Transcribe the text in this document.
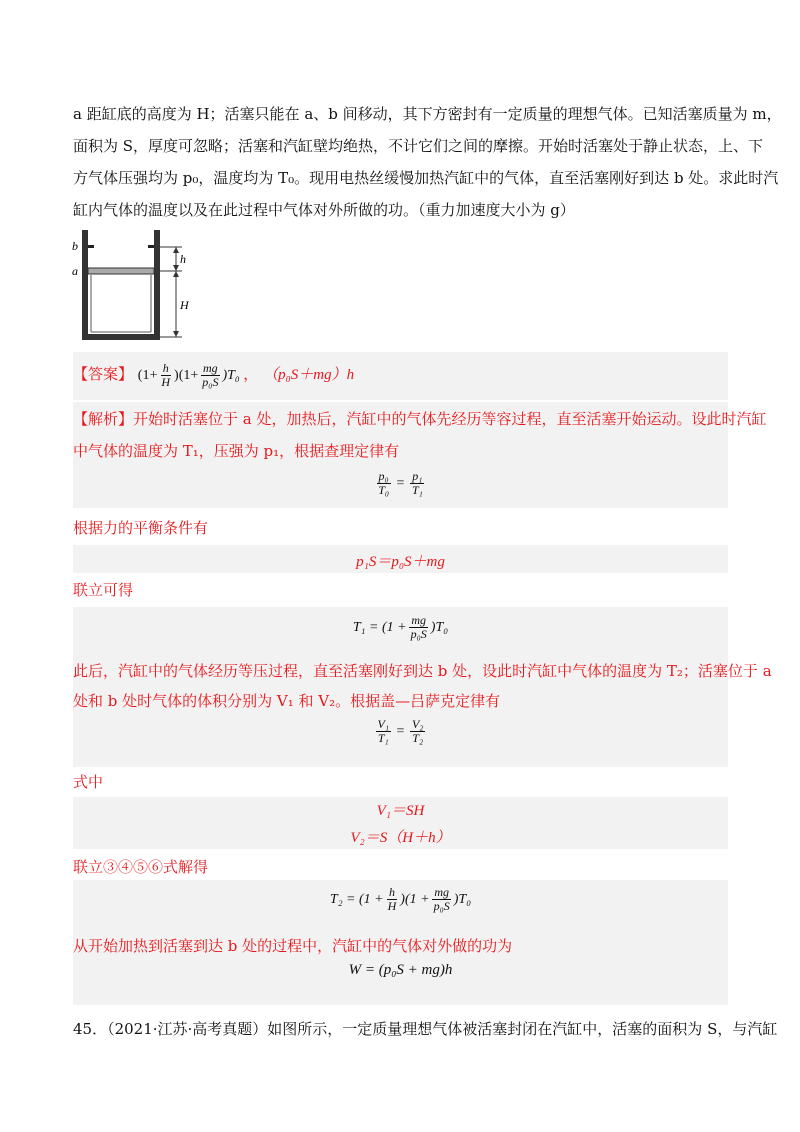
a 距缸底的高度为 H；活塞只能在 a、b 间移动，其下方密封有一定质量的理想气体。已知活塞质量为 m，
面积为 S，厚度可忽略；活塞和汽缸壁均绝热，不计它们之间的摩擦。开始时活塞处于静止状态，上、下
方气体压强均为 p₀，温度均为 T₀。现用电热丝缓慢加热汽缸中的气体，直至活塞刚好到达 b 处。求此时汽
缸内气体的温度以及在此过程中气体对外所做的功。（重力加速度大小为 g）
b
a
h
H
【答案】 $(1+ \frac{h}{H} )(1+ \frac{mg}{\text{p₀S}} )T_0$ ， （p₀S＋mg）h
【解析】开始时活塞位于 a 处，加热后，汽缸中的气体先经历等容过程，直至活塞开始运动。设此时汽缸
中气体的温度为 T₁，压强为 p₁，根据查理定律有
$\frac{\text{p₀}}{\text{T₀}} = \frac{\text{p₁}}{\text{T₁}}$
根据力的平衡条件有
p₁S＝p₀S＋mg
联立可得
$T_1 = (1 + \frac{mg}{\text{p₀S}} )T_0$
此后，汽缸中的气体经历等压过程，直至活塞刚好到达 b 处，设此时汽缸中气体的温度为 T₂；活塞位于 a
处和 b 处时气体的体积分别为 V₁ 和 V₂。根据盖—吕萨克定律有
$\frac{\text{V₁}}{\text{T₁}} = \frac{\text{V₂}}{\text{T₂}}$
式中
V₁＝SH
V₂＝S（H＋h）
联立③④⑤⑥式解得
$T_2 = (1 + \frac{h}{H} )(1 + \frac{mg}{\text{p₀S}} )T_0$
从开始加热到活塞到达 b 处的过程中，汽缸中的气体对外做的功为
W = (p₀S + mg)h
45．（2021·江苏·高考真题）如图所示，一定质量理想气体被活塞封闭在汽缸中，活塞的面积为 S，与汽缸
